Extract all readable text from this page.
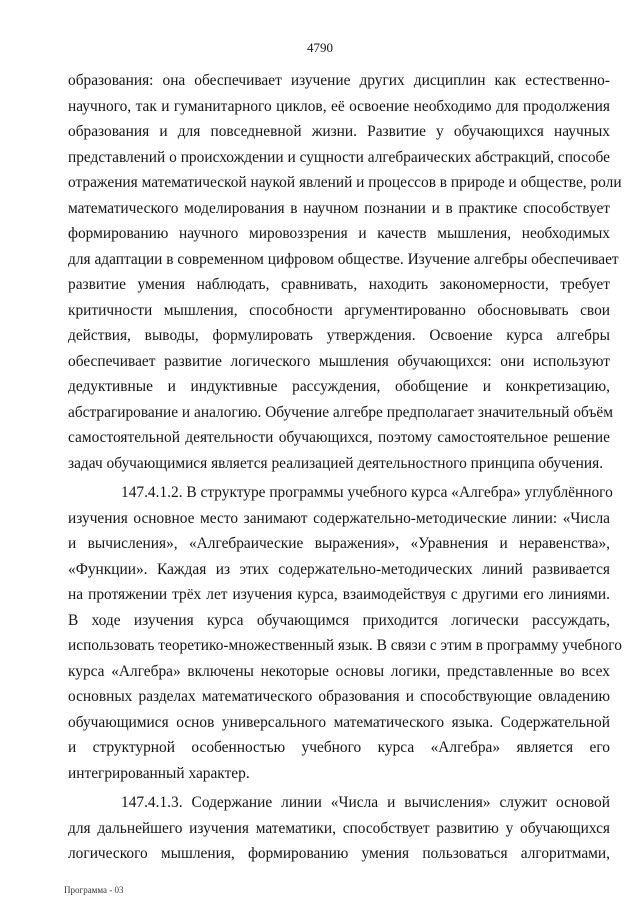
4790
образования: она обеспечивает изучение других дисциплин как естественно-
научного, так и гуманитарного циклов, её освоение необходимо для продолжения
образования и для повседневной жизни. Развитие у обучающихся научных
представлений о происхождении и сущности алгебраических абстракций, способе
отражения математической наукой явлений и процессов в природе и обществе, роли
математического моделирования в научном познании и в практике способствует
формированию научного мировоззрения и качеств мышления, необходимых
для адаптации в современном цифровом обществе. Изучение алгебры обеспечивает
развитие умения наблюдать, сравнивать, находить закономерности, требует
критичности мышления, способности аргументированно обосновывать свои
действия, выводы, формулировать утверждения. Освоение курса алгебры
обеспечивает развитие логического мышления обучающихся: они используют
дедуктивные и индуктивные рассуждения, обобщение и конкретизацию,
абстрагирование и аналогию. Обучение алгебре предполагает значительный объём
самостоятельной деятельности обучающихся, поэтому самостоятельное решение
задач обучающимися является реализацией деятельностного принципа обучения.
147.4.1.2. В структуре программы учебного курса «Алгебра» углублённого
изучения основное место занимают содержательно-методические линии: «Числа
и вычисления», «Алгебраические выражения», «Уравнения и неравенства»,
«Функции». Каждая из этих содержательно-методических линий развивается
на протяжении трёх лет изучения курса, взаимодействуя с другими его линиями.
В ходе изучения курса обучающимся приходится логически рассуждать,
использовать теоретико-множественный язык. В связи с этим в программу учебного
курса «Алгебра» включены некоторые основы логики, представленные во всех
основных разделах математического образования и способствующие овладению
обучающимися основ универсального математического языка. Содержательной
и структурной особенностью учебного курса «Алгебра» является его
интегрированный характер.
147.4.1.3. Содержание линии «Числа и вычисления» служит основой
для дальнейшего изучения математики, способствует развитию у обучающихся
логического мышления, формированию умения пользоваться алгоритмами,
Программа - 03
